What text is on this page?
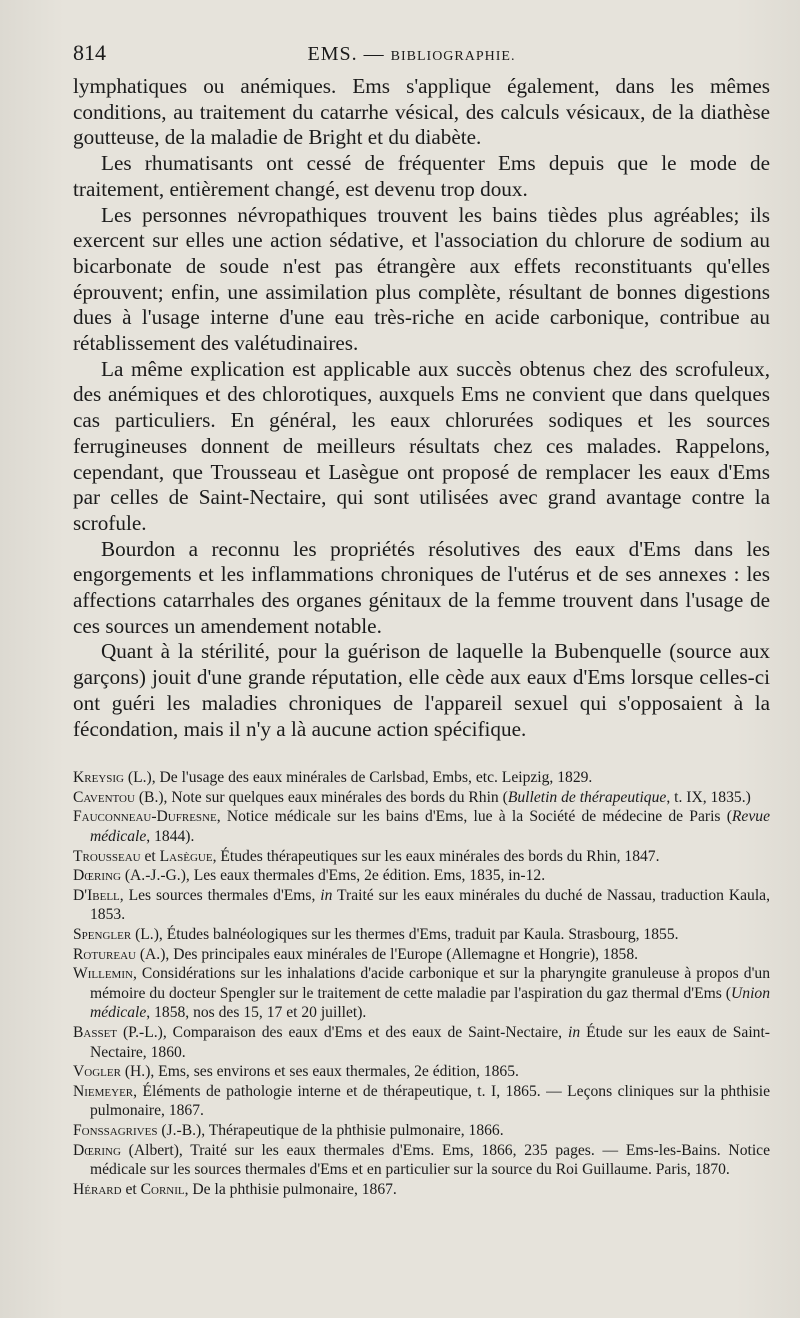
814	EMS. — BIBLIOGRAPHIE.

lymphatiques ou anémiques. Ems s'applique également, dans les mêmes conditions, au traitement du catarrhe vésical, des calculs vésicaux, de la diathèse goutteuse, de la maladie de Bright et du diabète.

Les rhumatisants ont cessé de fréquenter Ems depuis que le mode de traitement, entièrement changé, est devenu trop doux.

Les personnes névropathiques trouvent les bains tièdes plus agréables; ils exercent sur elles une action sédative, et l'association du chlorure de sodium au bicarbonate de soude n'est pas étrangère aux effets reconstituants qu'elles éprouvent; enfin, une assimilation plus complète, résultant de bonnes digestions dues à l'usage interne d'une eau très-riche en acide carbonique, contribue au rétablissement des valétudinaires.

La même explication est applicable aux succès obtenus chez des scrofuleux, des anémiques et des chlorotiques, auxquels Ems ne convient que dans quelques cas particuliers. En général, les eaux chlorurées sodiques et les sources ferrugineuses donnent de meilleurs résultats chez ces malades. Rappelons, cependant, que Trousseau et Lasègue ont proposé de remplacer les eaux d'Ems par celles de Saint-Nectaire, qui sont utilisées avec grand avantage contre la scrofule.

Bourdon a reconnu les propriétés résolutives des eaux d'Ems dans les engorgements et les inflammations chroniques de l'utérus et de ses annexes : les affections catarrhales des organes génitaux de la femme trouvent dans l'usage de ces sources un amendement notable.

Quant à la stérilité, pour la guérison de laquelle la Bubenquelle (source aux garçons) jouit d'une grande réputation, elle cède aux eaux d'Ems lorsque celles-ci ont guéri les maladies chroniques de l'appareil sexuel qui s'opposaient à la fécondation, mais il n'y a là aucune action spécifique.

Kreysig (L.), De l'usage des eaux minérales de Carlsbad, Embs, etc. Leipzig, 1829.

Caventou (B.), Note sur quelques eaux minérales des bords du Rhin (Bulletin de thérapeutique, t. IX, 1835.)

Fauconneau-Dufresne, Notice médicale sur les bains d'Ems, lue à la Société de médecine de Paris (Revue médicale, 1844).

Trousseau et Lasègue, Études thérapeutiques sur les eaux minérales des bords du Rhin, 1847.

Dœring (A.-J.-G.), Les eaux thermales d'Ems, 2e édition. Ems, 1835, in-12.

D'Ibell, Les sources thermales d'Ems, in Traité sur les eaux minérales du duché de Nassau, traduction Kaula, 1853.

Spengler (L.), Études balnéologiques sur les thermes d'Ems, traduit par Kaula. Strasbourg, 1855.

Rotureau (A.), Des principales eaux minérales de l'Europe (Allemagne et Hongrie), 1858.

Willemin, Considérations sur les inhalations d'acide carbonique et sur la pharyngite granuleuse à propos d'un mémoire du docteur Spengler sur le traitement de cette maladie par l'aspiration du gaz thermal d'Ems (Union médicale, 1858, nos des 15, 17 et 20 juillet).

Basset (P.-L.), Comparaison des eaux d'Ems et des eaux de Saint-Nectaire, in Étude sur les eaux de Saint-Nectaire, 1860.

Vogler (H.), Ems, ses environs et ses eaux thermales, 2e édition, 1865.

Niemeyer, Éléments de pathologie interne et de thérapeutique, t. I, 1865. — Leçons cliniques sur la phthisie pulmonaire, 1867.

Fonssagrives (J.-B.), Thérapeutique de la phthisie pulmonaire, 1866.

Dœring (Albert), Traité sur les eaux thermales d'Ems. Ems, 1866, 235 pages. — Ems-les-Bains. Notice médicale sur les sources thermales d'Ems et en particulier sur la source du Roi Guillaume. Paris, 1870.

Hérard et Cornil, De la phthisie pulmonaire, 1867.
